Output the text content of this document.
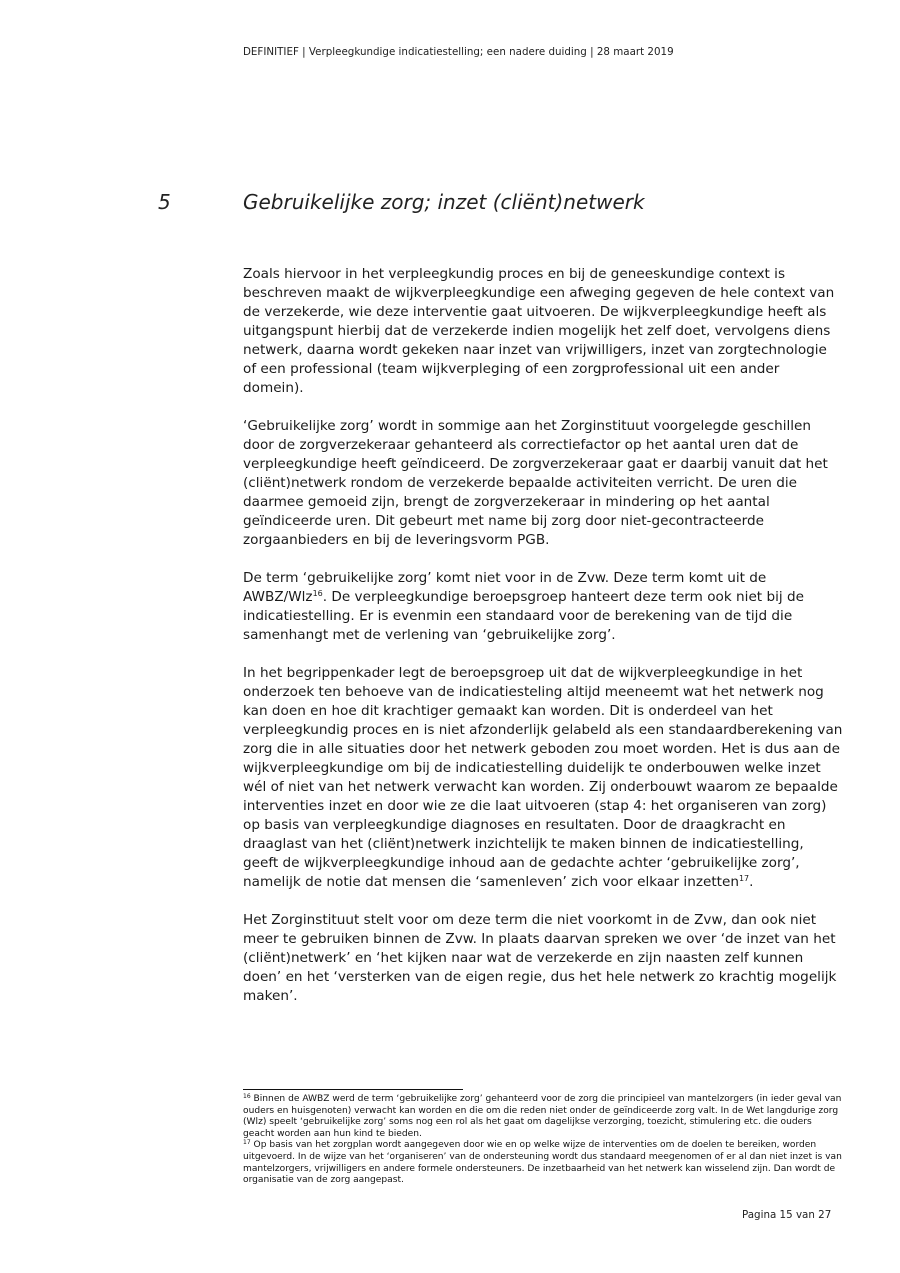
DEFINITIEF | Verpleegkundige indicatiestelling; een nadere duiding | 28 maart 2019
5	Gebruikelijke zorg; inzet (cliënt)netwerk

Zoals hiervoor in het verpleegkundig proces en bij de geneeskundige context is beschreven maakt de wijkverpleegkundige een afweging gegeven de hele context van de verzekerde, wie deze interventie gaat uitvoeren. De wijkverpleegkundige heeft als uitgangspunt hierbij dat de verzekerde indien mogelijk het zelf doet, vervolgens diens netwerk, daarna wordt gekeken naar inzet van vrijwilligers, inzet van zorgtechnologie of een professional (team wijkverpleging of een zorgprofessional uit een ander domein).

‘Gebruikelijke zorg’ wordt in sommige aan het Zorginstituut voorgelegde geschillen door de zorgverzekeraar gehanteerd als correctiefactor op het aantal uren dat de verpleegkundige heeft geïndiceerd. De zorgverzekeraar gaat er daarbij vanuit dat het (cliënt)netwerk rondom de verzekerde bepaalde activiteiten verricht. De uren die daarmee gemoeid zijn, brengt de zorgverzekeraar in mindering op het aantal geïndiceerde uren. Dit gebeurt met name bij zorg door niet-gecontracteerde zorgaanbieders en bij de leveringsvorm PGB.

De term ‘gebruikelijke zorg’ komt niet voor in de Zvw. Deze term komt uit de AWBZ/Wlz$^{16}$. De verpleegkundige beroepsgroep hanteert deze term ook niet bij de indicatiestelling. Er is evenmin een standaard voor de berekening van de tijd die samenhangt met de verlening van ‘gebruikelijke zorg’.

In het begrippenkader legt de beroepsgroep uit dat de wijkverpleegkundige in het onderzoek ten behoeve van de indicatiesteling altijd meeneemt wat het netwerk nog kan doen en hoe dit krachtiger gemaakt kan worden. Dit is onderdeel van het verpleegkundig proces en is niet afzonderlijk gelabeld als een standaardberekening van zorg die in alle situaties door het netwerk geboden zou moet worden. Het is dus aan de wijkverpleegkundige om bij de indicatiestelling duidelijk te onderbouwen welke inzet wél of niet van het netwerk verwacht kan worden. Zij onderbouwt waarom ze bepaalde interventies inzet en door wie ze die laat uitvoeren (stap 4: het organiseren van zorg) op basis van verpleegkundige diagnoses en resultaten. Door de draagkracht en draaglast van het (cliënt)netwerk inzichtelijk te maken binnen de indicatiestelling, geeft de wijkverpleegkundige inhoud aan de gedachte achter ‘gebruikelijke zorg’, namelijk de notie dat mensen die ‘samenleven’ zich voor elkaar inzetten$^{17}$.

Het Zorginstituut stelt voor om deze term die niet voorkomt in de Zvw, dan ook niet meer te gebruiken binnen de Zvw. In plaats daarvan spreken we over ‘de inzet van het (cliënt)netwerk’ en ‘het kijken naar wat de verzekerde en zijn naasten zelf kunnen doen’ en het ‘versterken van de eigen regie, dus het hele netwerk zo krachtig mogelijk maken’.

$^{16}$ Binnen de AWBZ werd de term ‘gebruikelijke zorg’ gehanteerd voor de zorg die principieel van mantelzorgers (in ieder geval van ouders en huisgenoten) verwacht kan worden en die om die reden niet onder de geïndiceerde zorg valt. In de Wet langdurige zorg (Wlz) speelt ‘gebruikelijke zorg’ soms nog een rol als het gaat om dagelijkse verzorging, toezicht, stimulering etc. die ouders geacht worden aan hun kind te bieden.

$^{17}$ Op basis van het zorgplan wordt aangegeven door wie en op welke wijze de interventies om de doelen te bereiken, worden uitgevoerd. In de wijze van het ‘organiseren’ van de ondersteuning wordt dus standaard meegenomen of er al dan niet inzet is van mantelzorgers, vrijwilligers en andere formele ondersteuners. De inzetbaarheid van het netwerk kan wisselend zijn. Dan wordt de organisatie van de zorg aangepast.

Pagina 15 van 27
